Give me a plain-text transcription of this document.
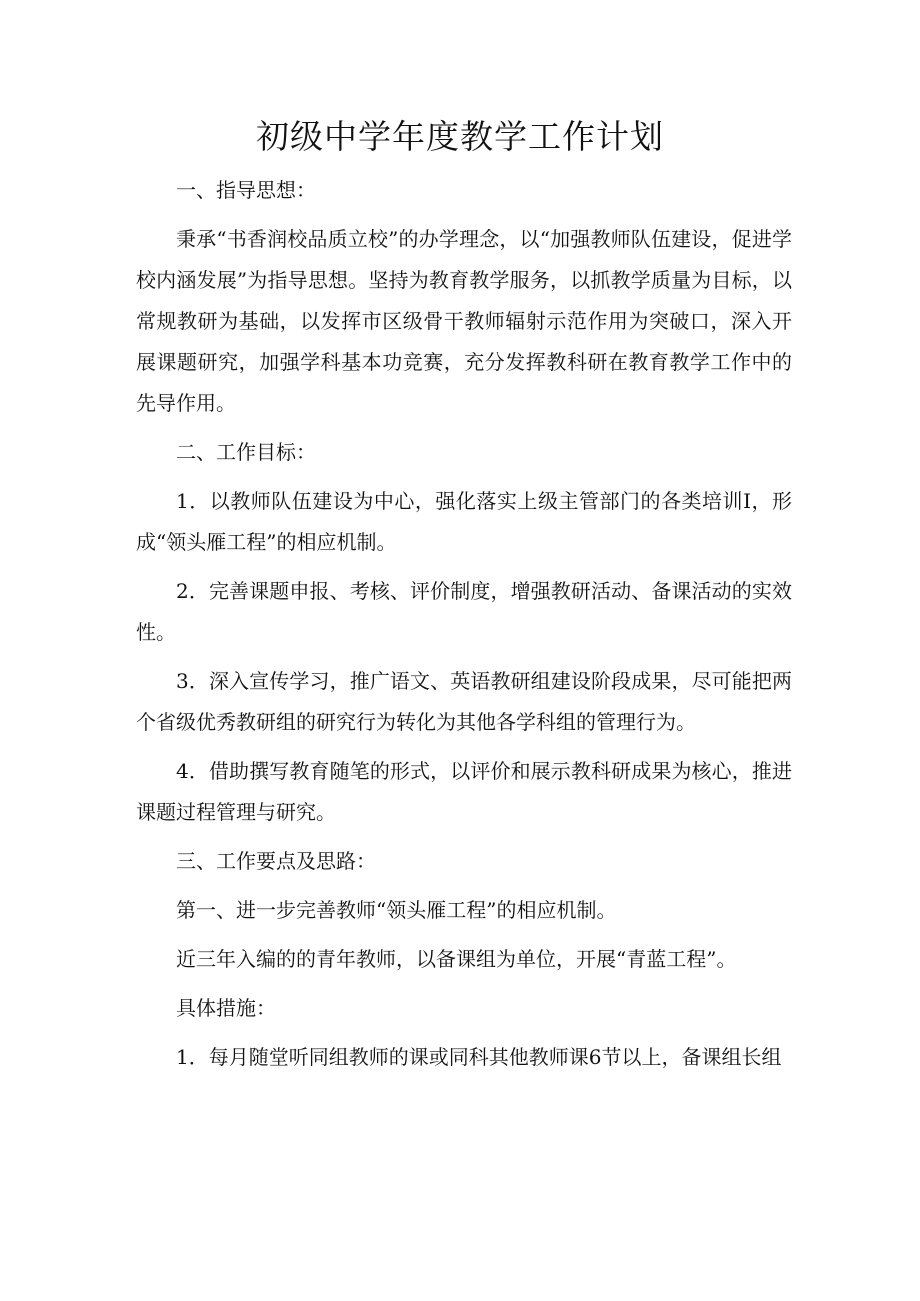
初级中学年度教学工作计划

一、指导思想：

秉承“书香润校品质立校”的办学理念，以“加强教师队伍建设，促进学校内涵发展”为指导思想。坚持为教育教学服务，以抓教学质量为目标，以常规教研为基础，以发挥市区级骨干教师辐射示范作用为突破口，深入开展课题研究，加强学科基本功竞赛，充分发挥教科研在教育教学工作中的先导作用。

二、工作目标：

1．以教师队伍建设为中心，强化落实上级主管部门的各类培训I，形成“领头雁工程”的相应机制。

2．完善课题申报、考核、评价制度，增强教研活动、备课活动的实效性。

3．深入宣传学习，推广语文、英语教研组建设阶段成果，尽可能把两个省级优秀教研组的研究行为转化为其他各学科组的管理行为。

4．借助撰写教育随笔的形式，以评价和展示教科研成果为核心，推进课题过程管理与研究。

三、工作要点及思路：

第一、进一步完善教师“领头雁工程”的相应机制。

近三年入编的的青年教师，以备课组为单位，开展“青蓝工程”。

具体措施：

1．每月随堂听同组教师的课或同科其他教师课6节以上，备课组长组
